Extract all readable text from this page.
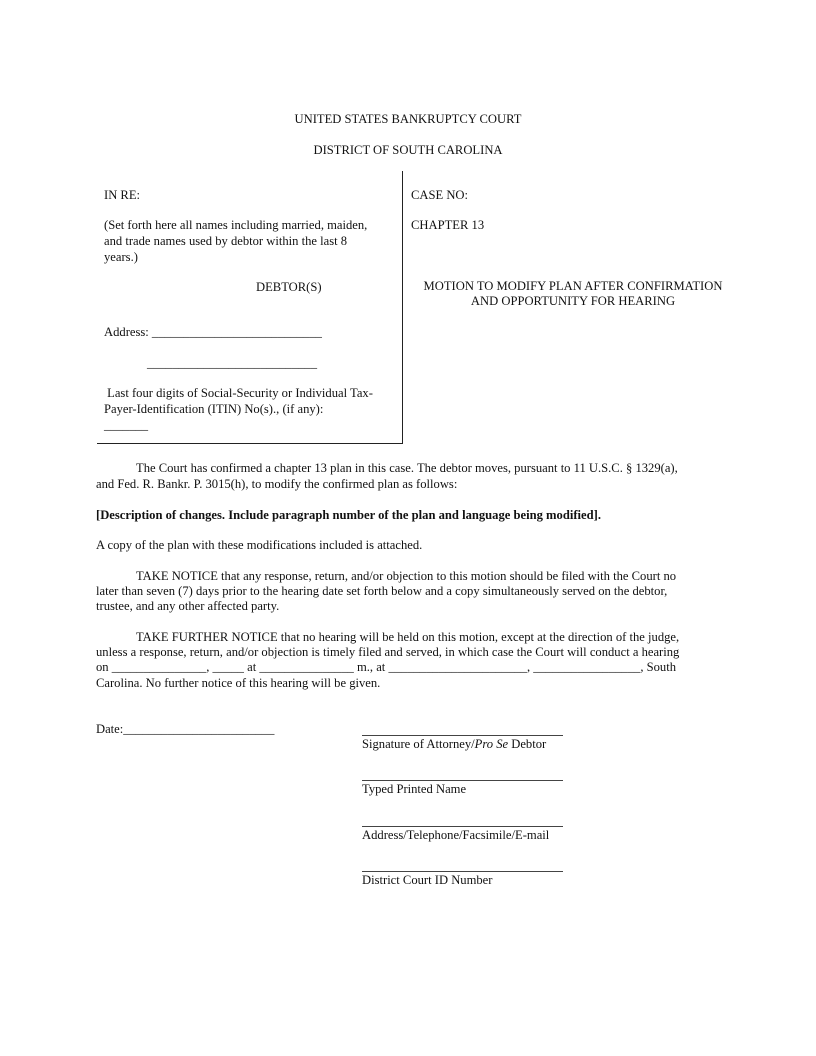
UNITED STATES BANKRUPTCY COURT
DISTRICT OF SOUTH CAROLINA
IN RE:
(Set forth here all names including married, maiden,
and trade names used by debtor within the last 8
years.)
DEBTOR(S)
Address: ___________________________
___________________________
Last four digits of Social-Security or Individual Tax-
Payer-Identification (ITIN) No(s)., (if any):
_______
CASE NO:
CHAPTER 13
MOTION TO MODIFY PLAN AFTER CONFIRMATION
AND OPPORTUNITY FOR HEARING
The Court has confirmed a chapter 13 plan in this case. The debtor moves, pursuant to 11 U.S.C. § 1329(a),
and Fed. R. Bankr. P. 3015(h), to modify the confirmed plan as follows:
[Description of changes. Include paragraph number of the plan and language being modified].
A copy of the plan with these modifications included is attached.
TAKE NOTICE that any response, return, and/or objection to this motion should be filed with the Court no
later than seven (7) days prior to the hearing date set forth below and a copy simultaneously served on the debtor,
trustee, and any other affected party.
TAKE FURTHER NOTICE that no hearing will be held on this motion, except at the direction of the judge,
unless a response, return, and/or objection is timely filed and served, in which case the Court will conduct a hearing
on _______________, _____ at _______________ m., at ______________________, _________________, South
Carolina. No further notice of this hearing will be given.
Date:________________________
Signature of Attorney/Pro Se Debtor
Typed Printed Name
Address/Telephone/Facsimile/E-mail
District Court ID Number
